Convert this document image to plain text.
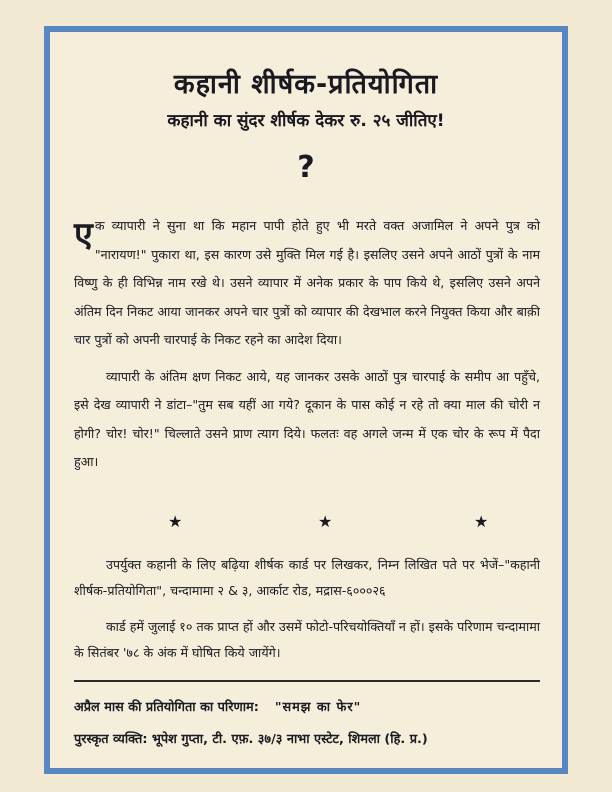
कहानी शीर्षक-प्रतियोगिता
कहानी का सुंदर शीर्षक देकर रु. २५ जीतिए!
?

एक व्यापारी ने सुना था कि महान पापी होते हुए भी मरते वक्त अजामिल ने अपने पुत्र को "नारायण!" पुकारा था, इस कारण उसे मुक्ति मिल गई है। इसलिए उसने अपने आठों पुत्रों के नाम विष्णु के ही विभिन्न नाम रखे थे। उसने व्यापार में अनेक प्रकार के पाप किये थे, इसलिए उसने अपने अंतिम दिन निकट आया जानकर अपने चार पुत्रों को व्यापार की देखभाल करने नियुक्त किया और बाक़ी चार पुत्रों को अपनी चारपाई के निकट रहने का आदेश दिया।

व्यापारी के अंतिम क्षण निकट आये, यह जानकर उसके आठों पुत्र चारपाई के समीप आ पहुँचे, इसे देख व्यापारी ने डांटा–"तुम सब यहीं आ गये? दूकान के पास कोई न रहे तो क्या माल की चोरी न होगी? चोर! चोर!" चिल्लाते उसने प्राण त्याग दिये। फलतः वह अगले जन्म में एक चोर के रूप में पैदा हुआ।

★	★	★

उपर्युक्त कहानी के लिए बढ़िया शीर्षक कार्ड पर लिखकर, निम्न लिखित पते पर भेजें–"कहानी शीर्षक-प्रतियोगिता", चन्दामामा २ & ३, आर्काट रोड, मद्रास-६०००२६

कार्ड हमें जुलाई १० तक प्राप्त हों और उसमें फोटो-परिचयोक्तियाँ न हों। इसके परिणाम चन्दामामा के सितंबर '७८ के अंक में घोषित किये जायेंगे।

अप्रैल मास की प्रतियोगिता का परिणाम: "समझ का फेर"

पुरस्कृत व्यक्ति: भूपेश गुप्ता, टी. एफ़. ३७/३ नाभा एस्टेट, शिमला (हि. प्र.)
